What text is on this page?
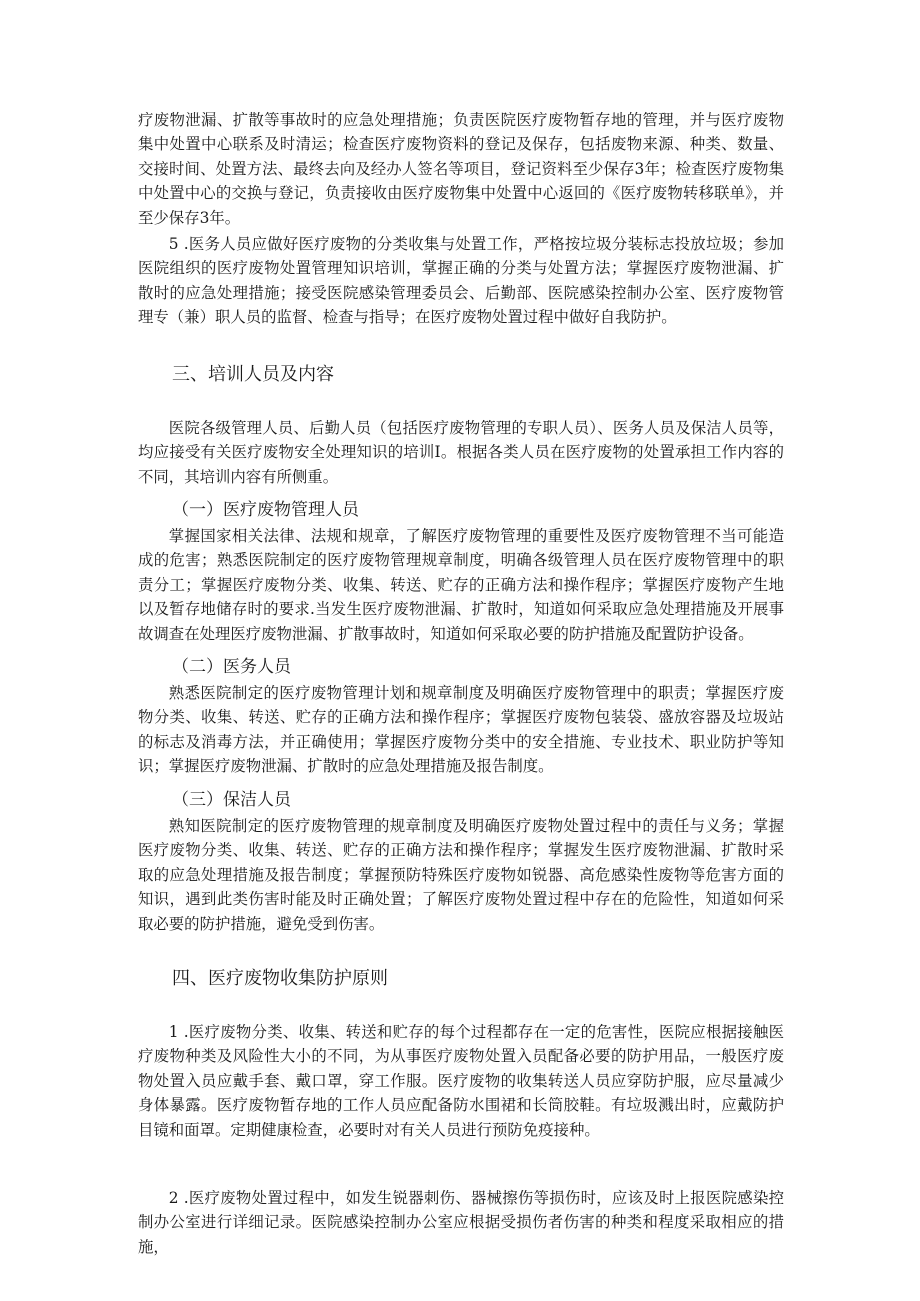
疗废物泄漏、扩散等事故时的应急处理措施；负责医院医疗废物暂存地的管理，并与医疗废物集中处置中心联系及时清运；检查医疗废物资料的登记及保存，包括废物来源、种类、数量、交接时间、处置方法、最终去向及经办人签名等项目，登记资料至少保存3年；检查医疗废物集中处置中心的交换与登记，负责接收由医疗废物集中处置中心返回的《医疗废物转移联单》，并至少保存3年。

5 .医务人员应做好医疗废物的分类收集与处置工作，严格按垃圾分装标志投放垃圾；参加医院组织的医疗废物处置管理知识培训，掌握正确的分类与处置方法；掌握医疗废物泄漏、扩散时的应急处理措施；接受医院感染管理委员会、后勤部、医院感染控制办公室、医疗废物管理专（兼）职人员的监督、检查与指导；在医疗废物处置过程中做好自我防护。

三、培训人员及内容

医院各级管理人员、后勤人员（包括医疗废物管理的专职人员）、医务人员及保洁人员等，均应接受有关医疗废物安全处理知识的培训I。根据各类人员在医疗废物的处置承担工作内容的不同，其培训内容有所侧重。

（一）医疗废物管理人员

掌握国家相关法律、法规和规章，了解医疗废物管理的重要性及医疗废物管理不当可能造成的危害；熟悉医院制定的医疗废物管理规章制度，明确各级管理人员在医疗废物管理中的职责分工；掌握医疗废物分类、收集、转送、贮存的正确方法和操作程序；掌握医疗废物产生地以及暂存地储存时的要求.当发生医疗废物泄漏、扩散时，知道如何采取应急处理措施及开展事故调查在处理医疗废物泄漏、扩散事故时，知道如何采取必要的防护措施及配置防护设备。

（二）医务人员

熟悉医院制定的医疗废物管理计划和规章制度及明确医疗废物管理中的职责；掌握医疗废物分类、收集、转送、贮存的正确方法和操作程序；掌握医疗废物包装袋、盛放容器及垃圾站的标志及消毒方法，并正确使用；掌握医疗废物分类中的安全措施、专业技术、职业防护等知识；掌握医疗废物泄漏、扩散时的应急处理措施及报告制度。

（三）保洁人员

熟知医院制定的医疗废物管理的规章制度及明确医疗废物处置过程中的责任与义务；掌握医疗废物分类、收集、转送、贮存的正确方法和操作程序；掌握发生医疗废物泄漏、扩散时采取的应急处理措施及报告制度；掌握预防特殊医疗废物如锐器、高危感染性废物等危害方面的知识，遇到此类伤害时能及时正确处置；了解医疗废物处置过程中存在的危险性，知道如何采取必要的防护措施，避免受到伤害。

四、医疗废物收集防护原则

1 .医疗废物分类、收集、转送和贮存的每个过程都存在一定的危害性，医院应根据接触医疗废物种类及风险性大小的不同，为从事医疗废物处置入员配备必要的防护用品，一般医疗废物处置入员应戴手套、戴口罩，穿工作服。医疗废物的收集转送人员应穿防护服，应尽量减少身体暴露。医疗废物暂存地的工作人员应配备防水围裙和长筒胶鞋。有垃圾溅出时，应戴防护目镜和面罩。定期健康检查，必要时对有关人员进行预防免疫接种。

2 .医疗废物处置过程中，如发生锐器刺伤、器械擦伤等损伤时，应该及时上报医院感染控制办公室进行详细记录。医院感染控制办公室应根据受损伤者伤害的种类和程度采取相应的措施，
